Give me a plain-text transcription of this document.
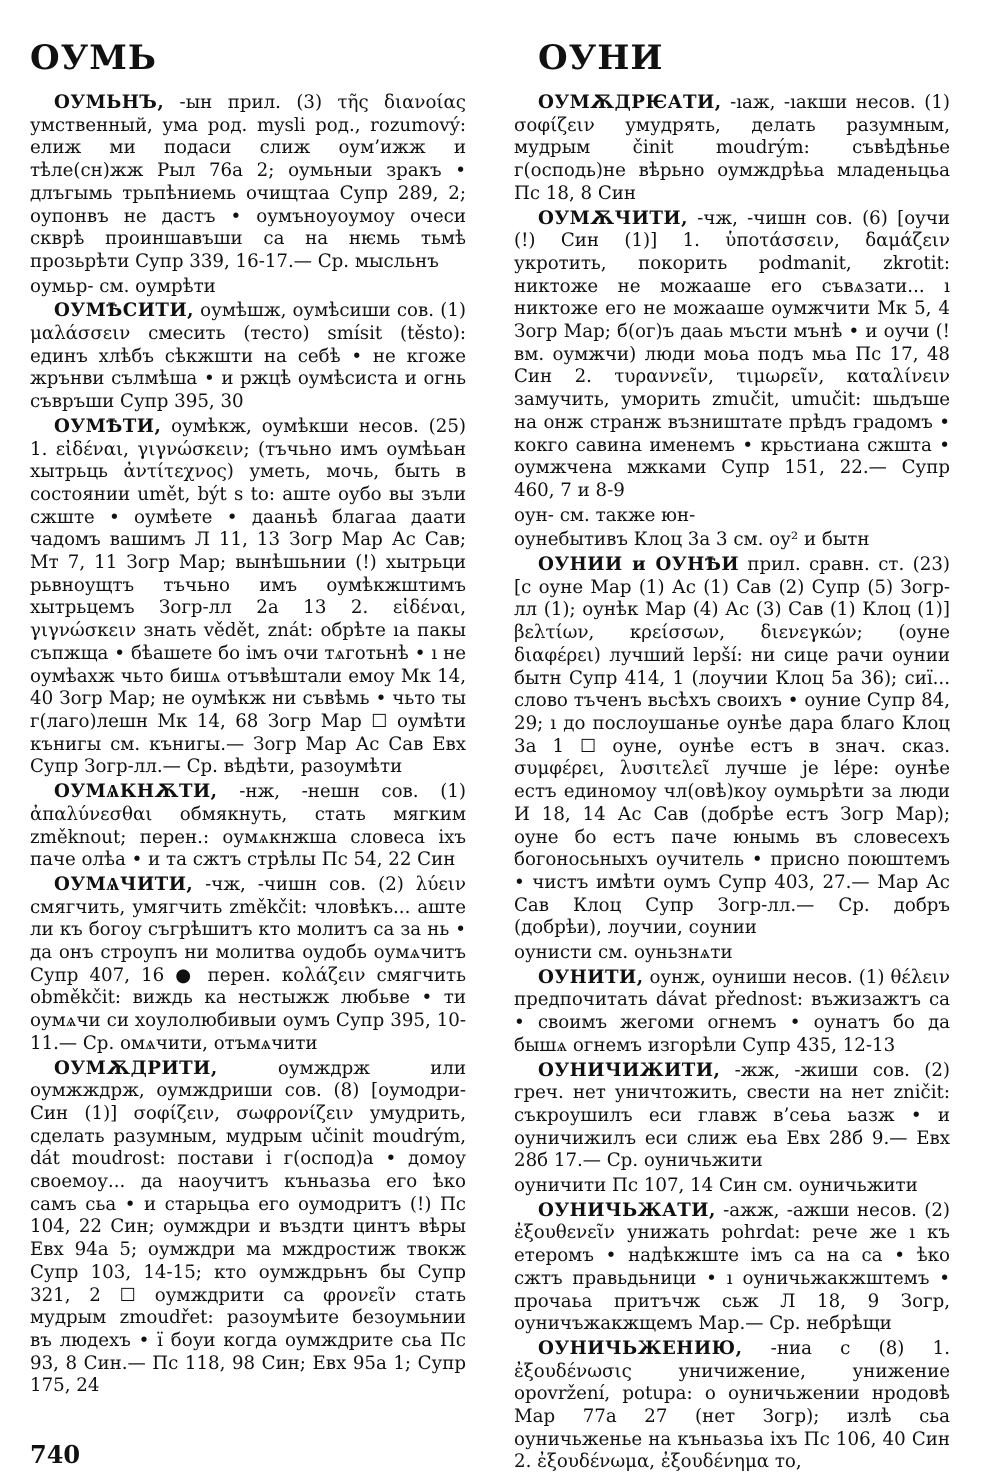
ОУМЬ	ОУНИ

ОУМЬНЪ, -ын прил. (3) τῆς διανοίας умственный, ума род. mysli род., rozumový: елиж ми подаси слиж оум’ижж и тѣле(сн)жж Рыл 76а 2; оумьныи зракъ • длъгымь трьпѣниемь очищтаа Супр 289, 2; оупонвъ не дастъ • оумъноуоумоу очеси скврѣ проиншавъши са на нѥмь тьмѣ прозьрѣти Супр 339, 16-17.— Ср. мысльнъ

оумьр- см. оумрѣти

ОУМѢСИТИ, оумѣшж, оумѣсиши сов. (1) μαλάσσειν смесить (тесто) smísit (těsto): единъ хлѣбъ сѣкжшти на себѣ • не кгоже жрънви сълмѣша • и ржцѣ оумѣсиста и огнь съвръши Супр 395, 30

ОУМѢТИ, оумѣкж, оумѣкши несов. (25) 1. εἰδέναι, γιγνώσκειν; (тъчьно имъ оумѣьан хытрьць ἀντίτεχνος) уметь, мочь, быть в состоянии umět, být s to: аште оубо вы зъли сжште • оумѣете • дааньѣ благаа даати чадомъ вашимъ Л 11, 13 Зогр Мар Ас Сав; Мт 7, 11 Зогр Мар; вынѣшьнии (!) хытрьци рьвноущтъ тъчьно имъ оумѣкжштимъ хытрьцемъ Зогр-лл 2а 13 2. εἰδέναι, γιγνώσκειν знать vědět, znát: обрѣте ıа пакы съпжща • бѣашете бо імъ очи тѧготьнѣ • ı не оумѣахж чьто бишѧ отъвѣштали емоу Мк 14, 40 Зогр Мар; не оумѣкж ни съвѣмь • чьто ты г(лаго)лешн Мк 14, 68 Зогр Мар ☐ оумѣти кънигы см. кънигы.— Зогр Мар Ас Сав Евх Супр Зогр-лл.— Ср. вѣдѣти, разоумѣти

ОУМѦКНѪТИ, -нж, -нешн сов. (1) ἀπαλύνεσθαι обмякнуть, стать мягким změknout; перен.: оумѧкнжша словеса іхъ паче олѣа • и та сжтъ стрѣлы Пс 54, 22 Син

ОУМѦЧИТИ, -чж, -чишн сов. (2) λύειν смягчить, умягчить změkčit: чловѣкъ... аште ли къ богоу съгрѣшитъ кто молитъ са за нь • да онъ строупъ ни молитва оудобь оумѧчитъ Супр 407, 16 ● перен. κολάζειν смягчить obměkčit: виждь ка нестыжж любьве • ти оумѧчи си хоулолюбивыи оумъ Супр 395, 10-11.— Ср. омѧчити, отъмѧчити

ОУМѪДРИТИ, оумждрж или оумжждрж, оумждриши сов. (8) [оумодри- Син (1)] σοφίζειν, σωφρονίζειν умудрить, сделать разумным, мудрым učinit moudrým, dát moudrost: постави і г(оспод)а • домоу своемоу... да наоучитъ къньазьа его ѣко самъ сьа • и старьцьа его оумодритъ (!) Пс 104, 22 Син; оумждри и въздти цинтъ вѣры Евх 94а 5; оумждри ма мждростиж твокж Супр 103, 14-15; кто оумждрьнъ бы Супр 321, 2 ☐ оумждрити са φρονεῖν стать мудрым zmoudřet: разоумѣите безоумьнии въ людехъ • ї боуи когда оумждрите сьа Пс 93, 8 Син.— Пс 118, 98 Син; Евх 95а 1; Супр 175, 24

ОУМѪДРѤАТИ, -ıаж, -ıакши несов. (1) σοφίζειν умудрять, делать разумным, мудрым činit moudrým: съвѣдѣнье г(осподь)не вѣрьно оумждрѣьа младеньцьа Пс 18, 8 Син

ОУМѪЧИТИ, -чж, -чишн сов. (6) [оучи (!) Син (1)] 1. ὑποτάσσειν, δαμάζειν укротить, покорить podmanit, zkrotit: никтоже не можааше его съвѧзати... ı никтоже его не можааше оумжчити Мк 5, 4 Зогр Мар; б(ог)ъ дааь мъсти мънѣ • и оучи (! вм. оумжчи) люди моьа подъ мьа Пс 17, 48 Син 2. τυραννεῖν, τιμωρεῖν, καταλίνειν замучить, уморить zmučit, umučit: шьдъше на онж странж възништате прѣдъ градомъ • кокго савина именемъ • крьстиана сжшта • оумжчена мжками Супр 151, 22.— Супр 460, 7 и 8-9

оун- см. также юн-

оунебытивъ Клоц 3а 3 см. оу² и бытн

ОУНИИ и ОУНѢИ прил. сравн. ст. (23) [с оуне Мар (1) Ас (1) Сав (2) Супр (5) Зогр-лл (1); оунѣк Мар (4) Ас (3) Сав (1) Клоц (1)] βελτίων, κρείσσων, διενεγκών; (оуне διαφέρει) лучший lepší: ни сице рачи оунии бытн Супр 414, 1 (лоучии Клоц 5а 36); сиї... слово тъченъ вьсѣхъ своихъ • оуние Супр 84, 29; ı до послоушанье оунѣе дара благо Клоц 3а 1 ☐ оуне, оунѣе естъ в знач. сказ. συμφέρει, λυσιτελεῖ лучше je lépe: оунѣе естъ единомоу чл(овѣ)коу оумьрѣти за люди И 18, 14 Ас Сав (добрѣе естъ Зогр Мар); оуне бо естъ паче юнымь въ словесехъ богоносьныхъ оучитель • присно поюштемъ • чистъ имѣти оумъ Супр 403, 27.— Мар Ас Сав Клоц Супр Зогр-лл.— Ср. добръ (добрѣи), лоучии, соунии

оунисти см. оуньзнѧти

ОУНИТИ, оунж, оуниши несов. (1) θέλειν предпочитать dávat přednost: въжизажтъ са • своимъ жегоми огнемъ • оунатъ бо да бышѧ огнемъ изгорѣли Супр 435, 12-13

ОУНИЧИЖИТИ, -жж, -жиши сов. (2) греч. нет уничтожить, свести на нет zničit: съкроушилъ еси главж в’сеьа ьазж • и оуничижилъ еси слиж еьа Евх 28б 9.— Евх 28б 17.— Ср. оуничьжити

оуничити Пс 107, 14 Син см. оуничьжити

ОУНИЧЬЖАТИ, -ажж, -ажши несов. (2) ἐξουθενεῖν унижать pohrdat: рече же ı къ етеромъ • надѣкжште імъ са на са • ѣко сжтъ правьдьници • ı оуничьжакжштемъ • прочаьа притъчж сьж Л 18, 9 Зогр, оуничъжакжщемъ Мар.— Ср. небрѣщи

ОУНИЧЬЖЕНИЮ, -ниа с (8) 1. ἐξουδένωσις уничижение, унижение opovržení, potupa: о оуничьжении нродовѣ Мар 77а 27 (нет Зогр); излѣ сьа оуничьженье на къньазьа іхъ Пс 106, 40 Син 2. ἐξουδένωμα, ἐξουδένημα то,

740
